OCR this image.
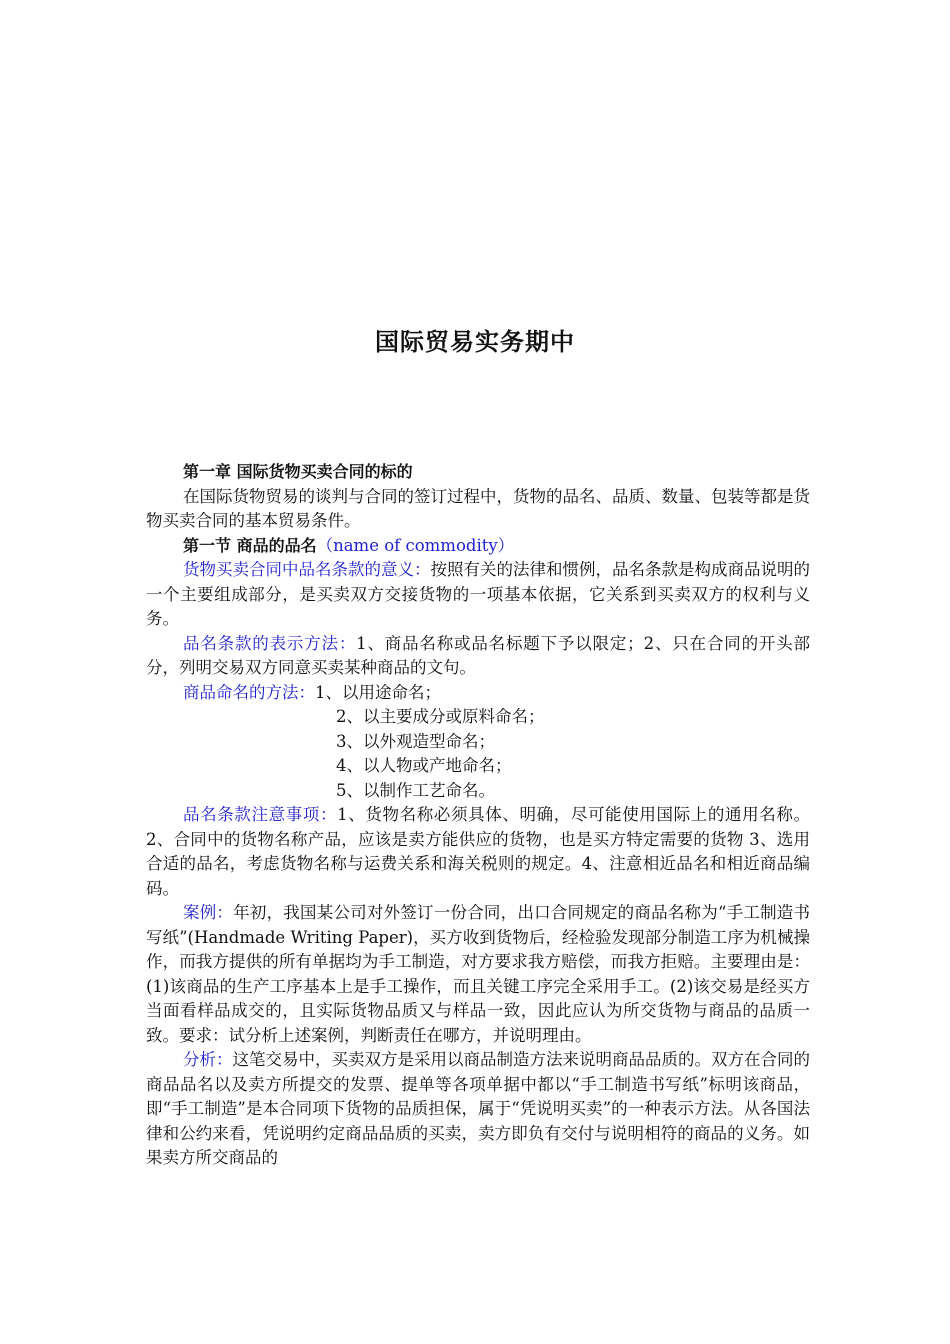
国际贸易实务期中

第一章 国际货物买卖合同的标的

在国际货物贸易的谈判与合同的签订过程中，货物的品名、品质、数量、包装等都是货物买卖合同的基本贸易条件。

第一节 商品的品名（name of commodity）

货物买卖合同中品名条款的意义：按照有关的法律和惯例，品名条款是构成商品说明的一个主要组成部分，是买卖双方交接货物的一项基本依据，它关系到买卖双方的权利与义务。

品名条款的表示方法：1、商品名称或品名标题下予以限定；2、只在合同的开头部分，列明交易双方同意买卖某种商品的文句。

商品命名的方法：1、以用途命名；

2、以主要成分或原料命名；

3、以外观造型命名；

4、以人物或产地命名；

5、以制作工艺命名。

品名条款注意事项：1、货物名称必须具体、明确，尽可能使用国际上的通用名称。2、合同中的货物名称产品，应该是卖方能供应的货物，也是买方特定需要的货物 3、选用合适的品名，考虑货物名称与运费关系和海关税则的规定。4、注意相近品名和相近商品编码。

案例：年初，我国某公司对外签订一份合同，出口合同规定的商品名称为“手工制造书写纸”(Handmade Writing Paper)，买方收到货物后，经检验发现部分制造工序为机械操作，而我方提供的所有单据均为手工制造，对方要求我方赔偿，而我方拒赔。主要理由是：(1)该商品的生产工序基本上是手工操作，而且关键工序完全采用手工。(2)该交易是经买方当面看样品成交的，且实际货物品质又与样品一致，因此应认为所交货物与商品的品质一致。要求：试分析上述案例，判断责任在哪方，并说明理由。

分析：这笔交易中，买卖双方是采用以商品制造方法来说明商品品质的。双方在合同的商品品名以及卖方所提交的发票、提单等各项单据中都以“手工制造书写纸”标明该商品，即“手工制造”是本合同项下货物的品质担保，属于“凭说明买卖”的一种表示方法。从各国法律和公约来看，凭说明约定商品品质的买卖，卖方即负有交付与说明相符的商品的义务。如果卖方所交商品的
